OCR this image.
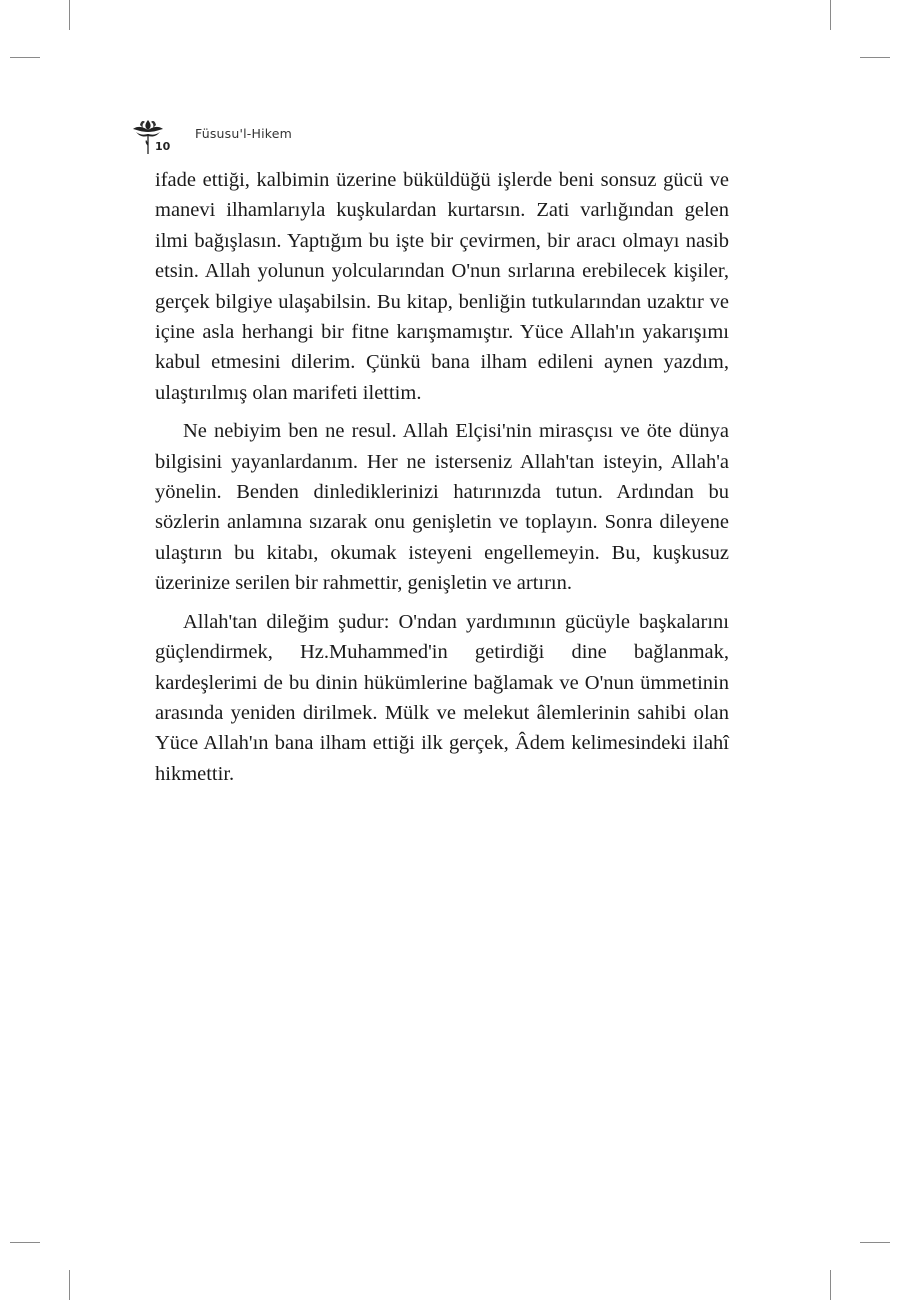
10
Füsusu'l-Hikem

ifade ettiği, kalbimin üzerine büküldüğü işlerde beni sonsuz gücü ve manevi ilhamlarıyla kuşkulardan kurtarsın. Zati varlığından gelen ilmi bağışlasın. Yaptığım bu işte bir çevirmen, bir aracı olmayı nasib etsin. Allah yolunun yolcularından O'nun sırlarına erebilecek kişiler, gerçek bilgiye ulaşabilsin. Bu kitap, benliğin tutkularından uzaktır ve içine asla herhangi bir fitne karışmamıştır. Yüce Allah'ın yakarışımı kabul etmesini dilerim. Çünkü bana ilham edileni aynen yazdım, ulaştırılmış olan marifeti ilettim.

Ne nebiyim ben ne resul. Allah Elçisi'nin mirasçısı ve öte dünya bilgisini yayanlardanım. Her ne isterseniz Allah'tan isteyin, Allah'a yönelin. Benden dinlediklerinizi hatırınızda tutun. Ardından bu sözlerin anlamına sızarak onu genişletin ve toplayın. Sonra dileyene ulaştırın bu kitabı, okumak isteyeni engellemeyin. Bu, kuşkusuz üzerinize serilen bir rahmettir, genişletin ve artırın.

Allah'tan dileğim şudur: O'ndan yardımının gücüyle başkalarını güçlendirmek, Hz.Muhammed'in getirdiği dine bağlanmak, kardeşlerimi de bu dinin hükümlerine bağlamak ve O'nun ümmetinin arasında yeniden dirilmek. Mülk ve melekut âlemlerinin sahibi olan Yüce Allah'ın bana ilham ettiği ilk gerçek, Âdem kelimesindeki ilahî hikmettir.
